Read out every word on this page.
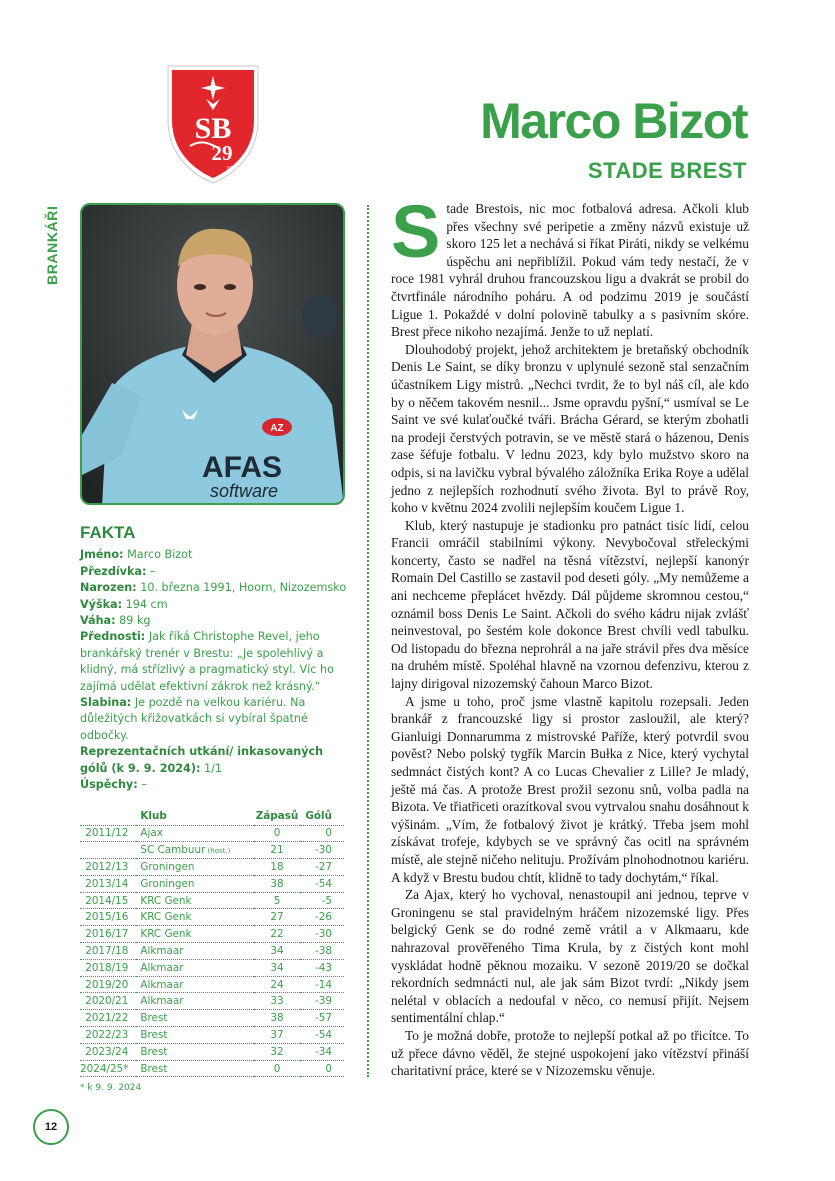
SB
29
1950
Marco Bizot
STADE BREST
BRANKÁŘI
AZ
AFAS
software
FAKTA
Jméno: Marco Bizot
Přezdívka: –
Narozen: 10. března 1991, Hoorn, Nizozemsko
Výška: 194 cm
Váha: 89 kg
Přednosti: Jak říká Christophe Revel, jeho brankářský trenér v Brestu: „Je spolehlivý a klidný, má střízlivý a pragmatický styl. Víc ho zajímá udělat efektivní zákrok než krásný.“
Slabina: Je pozdě na velkou kariéru. Na důležitých křižovatkách si vybíral špatné odbočky.
Reprezentačních utkání/ inkasovaných gólů (k 9. 9. 2024): 1/1
Úspěchy: –
	Klub	Zápasů	Gólů
2011/12	Ajax	0	0
	SC Cambuur (host.)	21	-30
2012/13	Groningen	18	-27
2013/14	Groningen	38	-54
2014/15	KRC Genk	5	-5
2015/16	KRC Genk	27	-26
2016/17	KRC Genk	22	-30
2017/18	Alkmaar	34	-38
2018/19	Alkmaar	34	-43
2019/20	Alkmaar	24	-14
2020/21	Alkmaar	33	-39
2021/22	Brest	38	-57
2022/23	Brest	37	-54
2023/24	Brest	32	-34
2024/25*	Brest	0	0
* k 9. 9. 2024

Stade Brestois, nic moc fotbalová adresa. Ačkoli klub přes všechny své peripetie a změny názvů existuje už skoro 125 let a nechává si říkat Piráti, nikdy se velkému úspěchu ani nepřiblížil. Pokud vám tedy nestačí, že v roce 1981 vyhrál druhou francouzskou ligu a dvakrát se probil do čtvrtfinále národního poháru. A od podzimu 2019 je součástí Ligue 1. Pokaždé v dolní polovině tabulky a s pasivním skóre. Brest přece nikoho nezajímá. Jenže to už neplatí.

Dlouhodobý projekt, jehož architektem je bretaňský obchodník Denis Le Saint, se díky bronzu v uplynulé sezoně stal senzačním účastníkem Ligy mistrů. „Nechci tvrdit, že to byl náš cíl, ale kdo by o něčem takovém nesnil... Jsme opravdu pyšní,“ usmíval se Le Saint ve své kulaťoučké tváři. Brácha Gérard, se kterým zbohatli na prodeji čerstvých potravin, se ve městě stará o házenou, Denis zase šéfuje fotbalu. V lednu 2023, kdy bylo mužstvo skoro na odpis, si na lavičku vybral bývalého záložníka Erika Roye a udělal jedno z nejlepších rozhodnutí svého života. Byl to právě Roy, koho v květnu 2024 zvolili nejlepším koučem Ligue 1.

Klub, který nastupuje je stadionku pro patnáct tisíc lidí, celou Francii omráčil stabilními výkony. Nevybočoval střeleckými koncerty, často se nadřel na těsná vítězství, nejlepší kanonýr Romain Del Castillo se zastavil pod deseti góly. „My nemůžeme a ani nechceme přeplácet hvězdy. Dál půjdeme skromnou cestou,“ oznámil boss Denis Le Saint. Ačkoli do svého kádru nijak zvlášť neinvestoval, po šestém kole dokonce Brest chvíli vedl tabulku. Od listopadu do března neprohrál a na jaře strávil přes dva měsíce na druhém místě. Spoléhal hlavně na vzornou defenzivu, kterou z lajny dirigoval nizozemský čahoun Marco Bizot.

A jsme u toho, proč jsme vlastně kapitolu rozepsali. Jeden brankář z francouzské ligy si prostor zasloužil, ale který? Gianluigi Donnarumma z mistrovské Paříže, který potvrdil svou pověst? Nebo polský tygřík Marcin Bułka z Nice, který vychytal sedmnáct čistých kont? A co Lucas Chevalier z Lille? Je mladý, ještě má čas. A protože Brest prožil sezonu snů, volba padla na Bizota. Ve třiatřiceti orazítkoval svou vytrvalou snahu dosáhnout k výšinám. „Vím, že fotbalový život je krátký. Třeba jsem mohl získávat trofeje, kdybych se ve správný čas ocitl na správném místě, ale stejně ničeho nelituju. Prožívám plnohodnotnou kariéru. A když v Brestu budou chtít, klidně to tady dochytám,“ říkal.

Za Ajax, který ho vychoval, nenastoupil ani jednou, teprve v Groningenu se stal pravidelným hráčem nizozemské ligy. Přes belgický Genk se do rodné země vrátil a v Alkmaaru, kde nahrazoval prověřeného Tima Krula, by z čistých kont mohl vyskládat hodně pěknou mozaiku. V sezoně 2019/20 se dočkal rekordních sedmnácti nul, ale jak sám Bizot tvrdí: „Nikdy jsem nelétal v oblacích a nedoufal v něco, co nemusí přijít. Nejsem sentimentální chlap.“

To je možná dobře, protože to nejlepší potkal až po třicítce. To už přece dávno věděl, že stejné uspokojení jako vítězství přináší charitativní práce, které se v Nizozemsku věnuje.

12
